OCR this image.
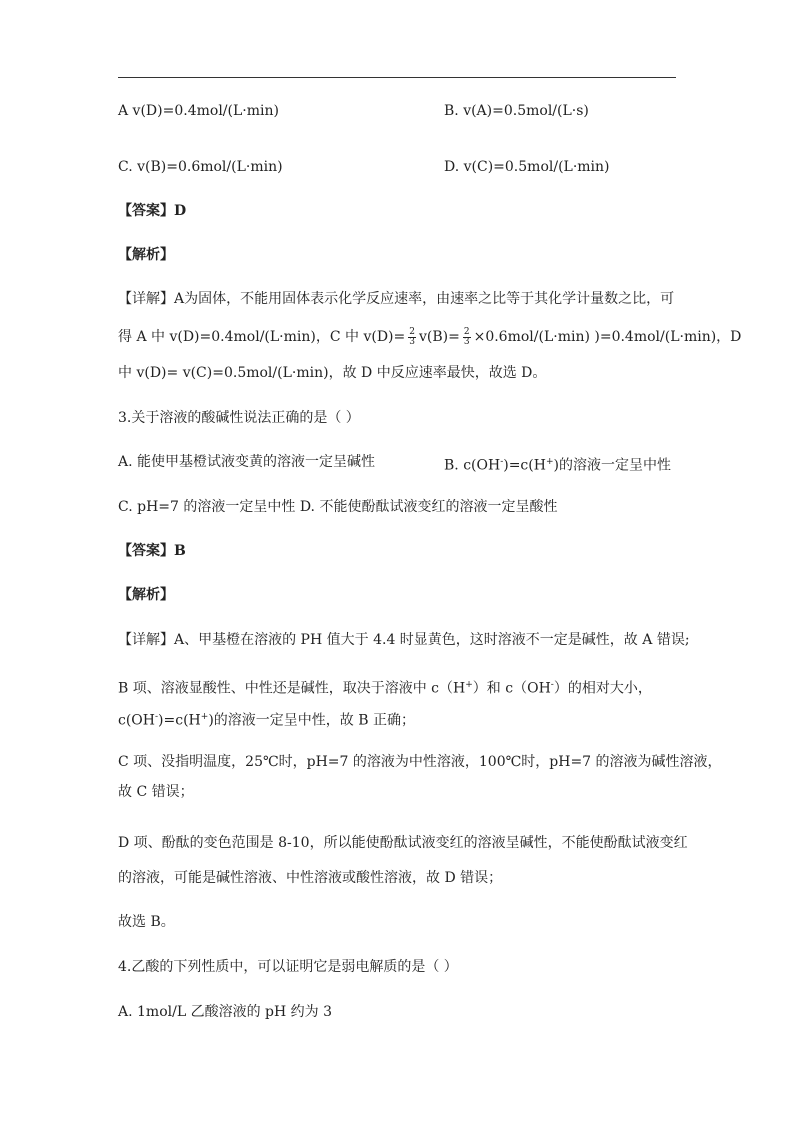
A v(D)=0.4mol/(L·min)	B. v(A)=0.5mol/(L·s)
C. v(B)=0.6mol/(L·min)	D. v(C)=0.5mol/(L·min)
【答案】D
【解析】
【详解】A为固体，不能用固体表示化学反应速率，由速率之比等于其化学计量数之比，可
得 A 中 v(D)=0.4mol/(L·min)，C 中 $v(D)= \frac{2}{3} v(B)= \frac{2}{3} \times 0.6mol/(L\cdot\min)$ )=0.4mol/(L·min)，D
中 v(D)= v(C)=0.5mol/(L·min)，故 D 中反应速率最快，故选 D。
3.关于溶液的酸碱性说法正确的是（ ）
A. 能使甲基橙试液变黄的溶液一定呈碱性	B. c(OH-)=c(H+)的溶液一定呈中性
C. pH=7 的溶液一定呈中性 D. 不能使酚酞试液变红的溶液一定呈酸性
【答案】B
【解析】
【详解】A、甲基橙在溶液的 PH 值大于 4.4 时显黄色，这时溶液不一定是碱性，故 A 错误;
B 项、溶液显酸性、中性还是碱性，取决于溶液中 c（H+）和 c（OH-）的相对大小，
c(OH-)=c(H+)的溶液一定呈中性，故 B 正确；
C 项、没指明温度，25℃时，pH=7 的溶液为中性溶液，100℃时，pH=7 的溶液为碱性溶液，
故 C 错误；
D 项、酚酞的变色范围是 8-10，所以能使酚酞试液变红的溶液呈碱性，不能使酚酞试液变红
的溶液，可能是碱性溶液、中性溶液或酸性溶液，故 D 错误；
故选 B。
4.乙酸的下列性质中，可以证明它是弱电解质的是（ ）
A. 1mol/L 乙酸溶液的 pH 约为 3
